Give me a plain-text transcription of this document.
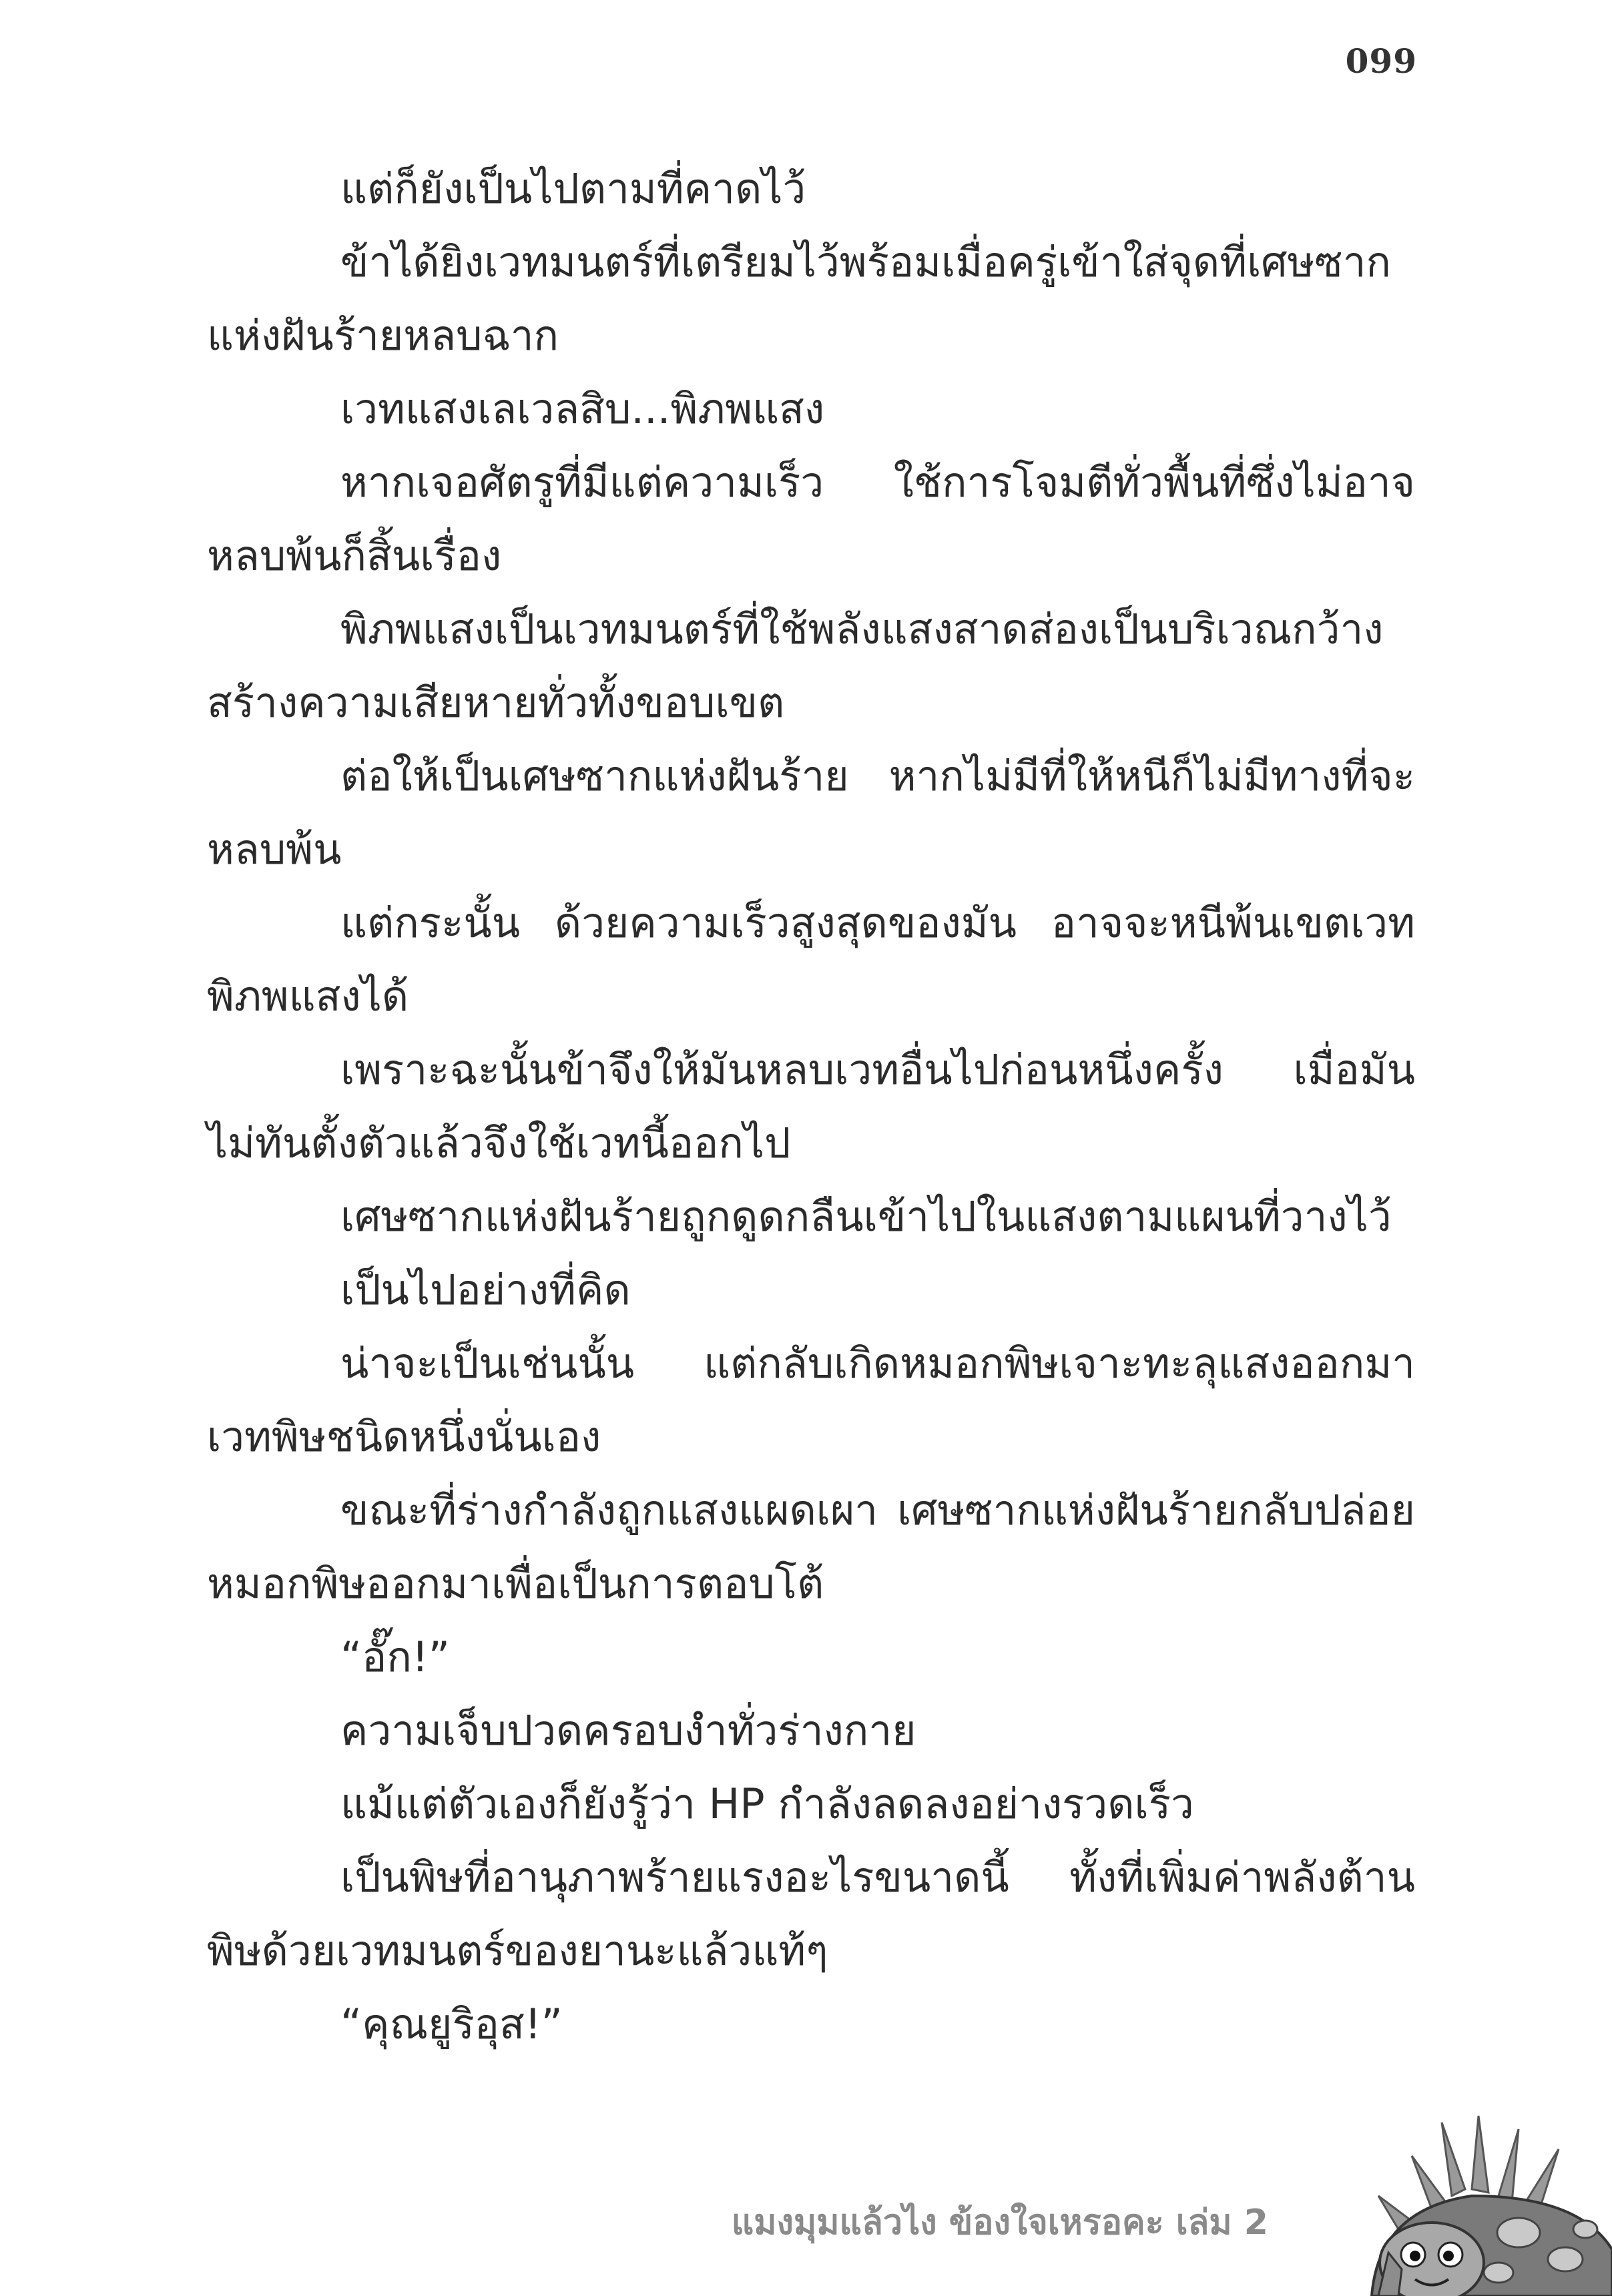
099

แต่ก็ยังเป็นไปตามที่คาดไว้

ข้าได้ยิงเวทมนตร์ที่เตรียมไว้พร้อมเมื่อครู่เข้าใส่จุดที่เศษซากแห่งฝันร้ายหลบฉาก

เวทแสงเลเวลสิบ...พิภพแสง

หากเจอศัตรูที่มีแต่ความเร็ว ใช้การโจมตีทั่วพื้นที่ซึ่งไม่อาจหลบพ้นก็สิ้นเรื่อง

พิภพแสงเป็นเวทมนตร์ที่ใช้พลังแสงสาดส่องเป็นบริเวณกว้างสร้างความเสียหายทั่วทั้งขอบเขต

ต่อให้เป็นเศษซากแห่งฝันร้าย หากไม่มีที่ให้หนีก็ไม่มีทางที่จะหลบพ้น

แต่กระนั้น ด้วยความเร็วสูงสุดของมัน อาจจะหนีพ้นเขตเวทพิภพแสงได้

เพราะฉะนั้นข้าจึงให้มันหลบเวทอื่นไปก่อนหนึ่งครั้ง เมื่อมันไม่ทันตั้งตัวแล้วจึงใช้เวทนี้ออกไป

เศษซากแห่งฝันร้ายถูกดูดกลืนเข้าไปในแสงตามแผนที่วางไว้

เป็นไปอย่างที่คิด

น่าจะเป็นเช่นนั้น แต่กลับเกิดหมอกพิษเจาะทะลุแสงออกมา เวทพิษชนิดหนึ่งนั่นเอง

ขณะที่ร่างกำลังถูกแสงแผดเผา เศษซากแห่งฝันร้ายกลับปล่อยหมอกพิษออกมาเพื่อเป็นการตอบโต้

“อั๊ก!”

ความเจ็บปวดครอบงำทั่วร่างกาย

แม้แต่ตัวเองก็ยังรู้ว่า HP กำลังลดลงอย่างรวดเร็ว

เป็นพิษที่อานุภาพร้ายแรงอะไรขนาดนี้ ทั้งที่เพิ่มค่าพลังต้านพิษด้วยเวทมนตร์ของยานะแล้วแท้ๆ

“คุณยูริอุส!”

แมงมุมแล้วไง ข้องใจเหรอคะ เล่ม 2
